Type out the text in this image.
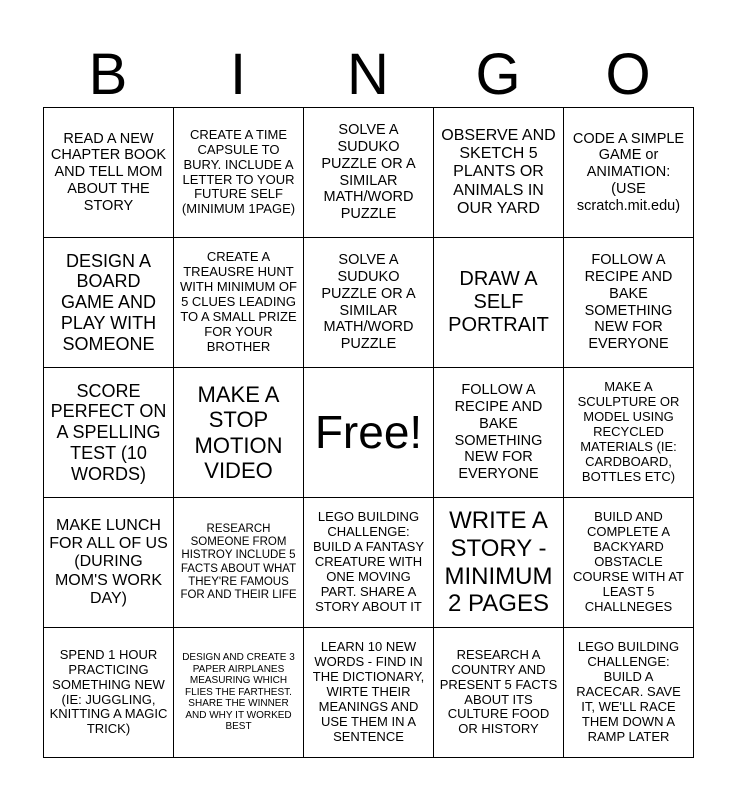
B	I	N	G	O
READ A NEW CHAPTER BOOK AND TELL MOM ABOUT THE STORY	CREATE A TIME CAPSULE TO BURY. INCLUDE A LETTER TO YOUR FUTURE SELF (MINIMUM 1PAGE)	SOLVE A SUDUKO PUZZLE OR A SIMILAR MATH/WORD PUZZLE	OBSERVE AND SKETCH 5 PLANTS OR ANIMALS IN OUR YARD	CODE A SIMPLE GAME or ANIMATION: (USE scratch.mit.edu)
DESIGN A BOARD GAME AND PLAY WITH SOMEONE	CREATE A TREAUSRE HUNT WITH MINIMUM OF 5 CLUES LEADING TO A SMALL PRIZE FOR YOUR BROTHER	SOLVE A SUDUKO PUZZLE OR A SIMILAR MATH/WORD PUZZLE	DRAW A SELF PORTRAIT	FOLLOW A RECIPE AND BAKE SOMETHING NEW FOR EVERYONE
SCORE PERFECT ON A SPELLING TEST (10 WORDS)	MAKE A STOP MOTION VIDEO	Free!	FOLLOW A RECIPE AND BAKE SOMETHING NEW FOR EVERYONE	MAKE A SCULPTURE OR MODEL USING RECYCLED MATERIALS (IE: CARDBOARD, BOTTLES ETC)
MAKE LUNCH FOR ALL OF US (DURING MOM'S WORK DAY)	RESEARCH SOMEONE FROM HISTROY INCLUDE 5 FACTS ABOUT WHAT THEY'RE FAMOUS FOR AND THEIR LIFE	LEGO BUILDING CHALLENGE: BUILD A FANTASY CREATURE WITH ONE MOVING PART. SHARE A STORY ABOUT IT	WRITE A STORY - MINIMUM 2 PAGES	BUILD AND COMPLETE A BACKYARD OBSTACLE COURSE WITH AT LEAST 5 CHALLNEGES
SPEND 1 HOUR PRACTICING SOMETHING NEW (IE: JUGGLING, KNITTING A MAGIC TRICK)	DESIGN AND CREATE 3 PAPER AIRPLANES MEASURING WHICH FLIES THE FARTHEST. SHARE THE WINNER AND WHY IT WORKED BEST	LEARN 10 NEW WORDS - FIND IN THE DICTIONARY, WIRTE THEIR MEANINGS AND USE THEM IN A SENTENCE	RESEARCH A COUNTRY AND PRESENT 5 FACTS ABOUT ITS CULTURE FOOD OR HISTORY	LEGO BUILDING CHALLENGE: BUILD A RACECAR. SAVE IT, WE'LL RACE THEM DOWN A RAMP LATER
